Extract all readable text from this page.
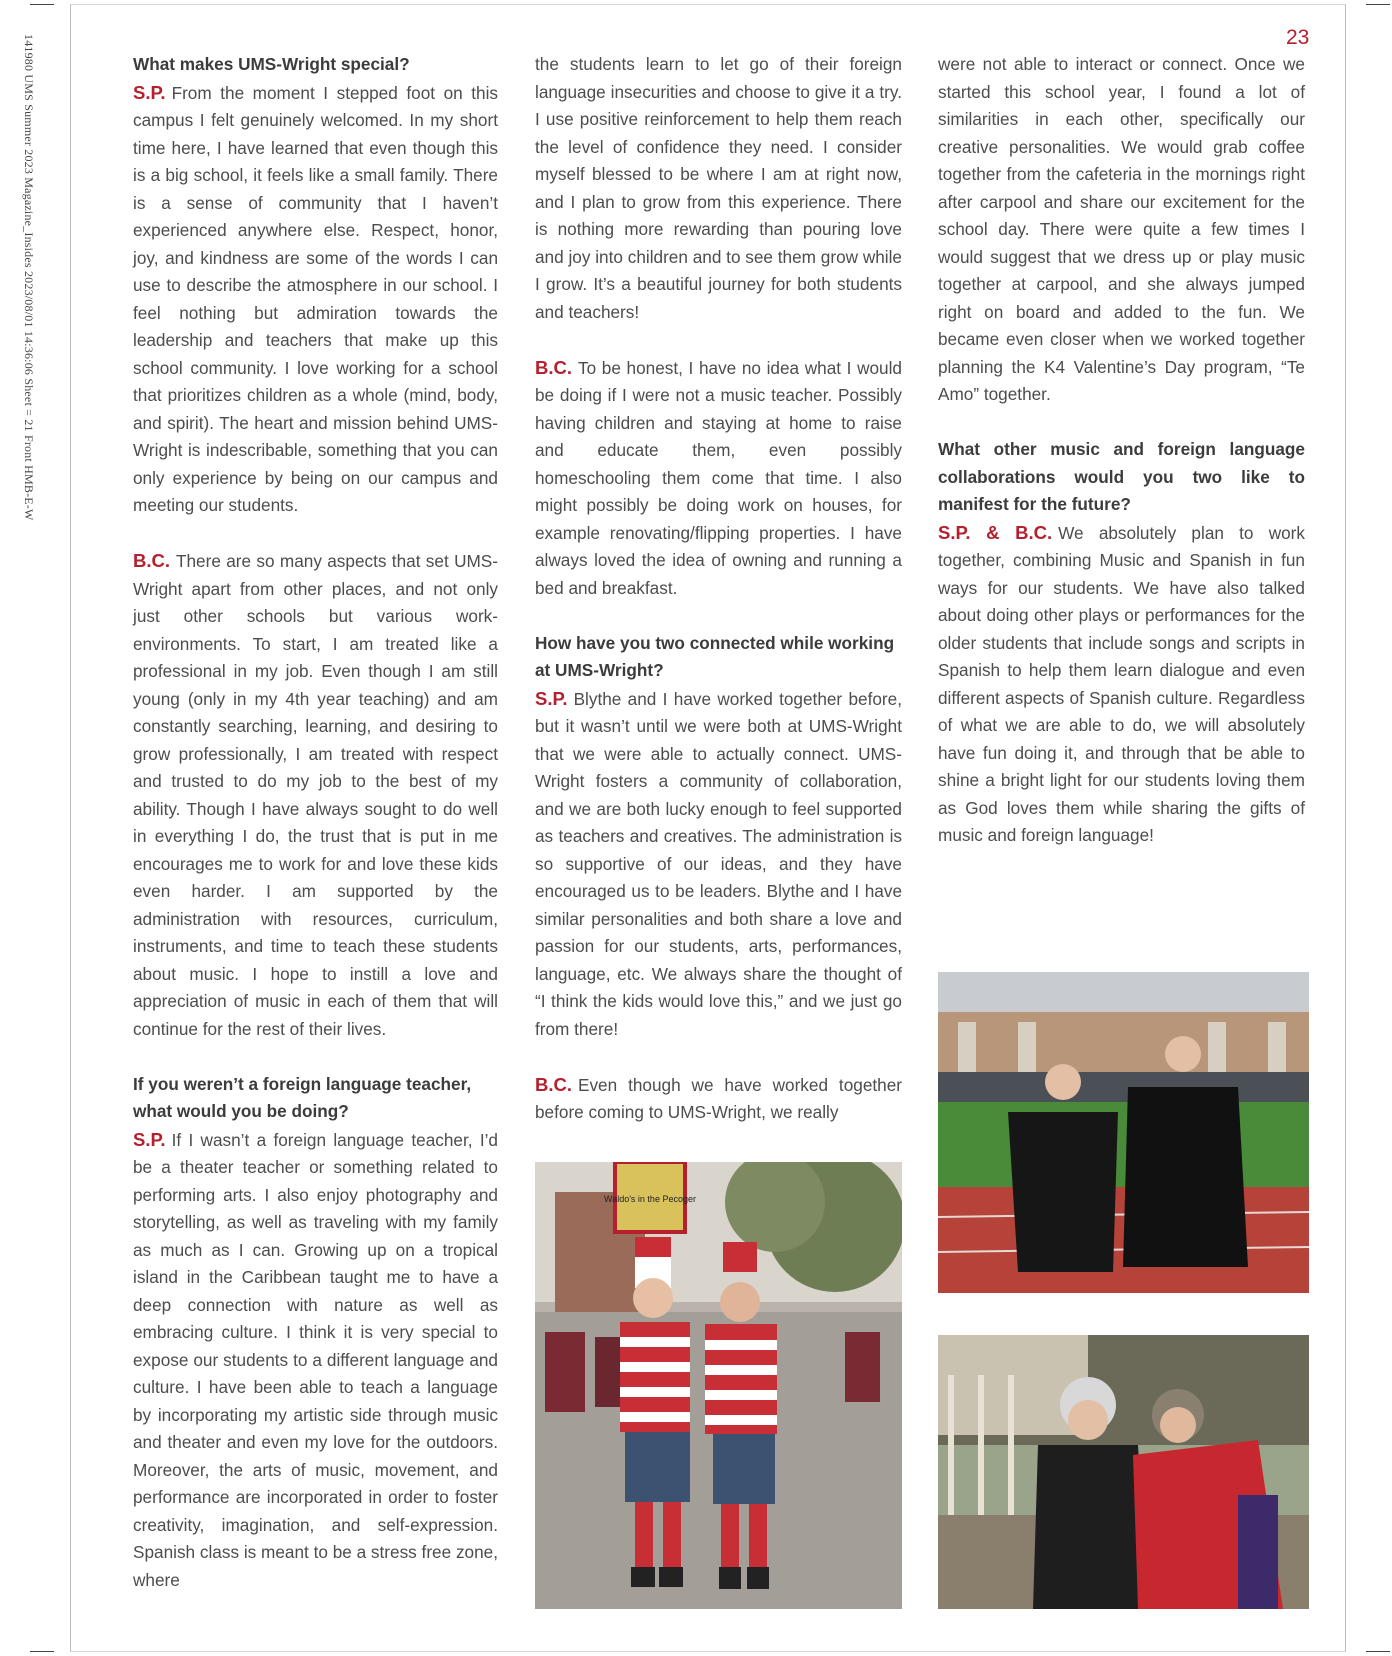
141980 UMS Summer 2023 Magazine_Insides 2023/08/01 14:36:06 Sheet = 21 Front HMB-E-W	23
What makes UMS-Wright special?

S.P. From the moment I stepped foot on this campus I felt genuinely welcomed. In my short time here, I have learned that even though this is a big school, it feels like a small family. There is a sense of community that I haven’t experienced anywhere else. Respect, honor, joy, and kindness are some of the words I can use to describe the atmosphere in our school. I feel nothing but admiration towards the leadership and teachers that make up this school community. I love working for a school that prioritizes children as a whole (mind, body, and spirit). The heart and mission behind UMS-Wright is indescribable, something that you can only experience by being on our campus and meeting our students.

B.C. There are so many aspects that set UMS-Wright apart from other places, and not only just other schools but various work-environments. To start, I am treated like a professional in my job. Even though I am still young (only in my 4th year teaching) and am constantly searching, learning, and desiring to grow professionally, I am treated with respect and trusted to do my job to the best of my ability. Though I have always sought to do well in everything I do, the trust that is put in me encourages me to work for and love these kids even harder. I am supported by the administration with resources, curriculum, instruments, and time to teach these students about music. I hope to instill a love and appreciation of music in each of them that will continue for the rest of their lives.

If you weren’t a foreign language teacher, what would you be doing?

S.P. If I wasn’t a foreign language teacher, I’d be a theater teacher or something related to performing arts. I also enjoy photography and storytelling, as well as traveling with my family as much as I can. Growing up on a tropical island in the Caribbean taught me to have a deep connection with nature as well as embracing culture. I think it is very special to expose our students to a different language and culture. I have been able to teach a language by incorporating my artistic side through music and theater and even my love for the outdoors. Moreover, the arts of music, movement, and performance are incorporated in order to foster creativity, imagination, and self-expression. Spanish class is meant to be a stress free zone, where

the students learn to let go of their foreign language insecurities and choose to give it a try. I use positive reinforcement to help them reach the level of confidence they need. I consider myself blessed to be where I am at right now, and I plan to grow from this experience. There is nothing more rewarding than pouring love and joy into children and to see them grow while I grow. It’s a beautiful journey for both students and teachers!

B.C. To be honest, I have no idea what I would be doing if I were not a music teacher. Possibly having children and staying at home to raise and educate them, even possibly homeschooling them come that time. I also might possibly be doing work on houses, for example renovating/flipping properties. I have always loved the idea of owning and running a bed and breakfast.

How have you two connected while working at UMS-Wright?

S.P. Blythe and I have worked together before, but it wasn’t until we were both at UMS-Wright that we were able to actually connect. UMS-Wright fosters a community of collaboration, and we are both lucky enough to feel supported as teachers and creatives. The administration is so supportive of our ideas, and they have encouraged us to be leaders. Blythe and I have similar personalities and both share a love and passion for our students, arts, performances, language, etc. We always share the thought of “I think the kids would love this,” and we just go from there!

B.C. Even though we have worked together before coming to UMS-Wright, we really

were not able to interact or connect. Once we started this school year, I found a lot of similarities in each other, specifically our creative personalities. We would grab coffee together from the cafeteria in the mornings right after carpool and share our excitement for the school day. There were quite a few times I would suggest that we dress up or play music together at carpool, and she always jumped right on board and added to the fun. We became even closer when we worked together planning the K4 Valentine’s Day program, “Te Amo” together.

What other music and foreign language collaborations would you two like to manifest for the future?

S.P. & B.C. We absolutely plan to work together, combining Music and Spanish in fun ways for our students. We have also talked about doing other plays or performances for the older students that include songs and scripts in Spanish to help them learn dialogue and even different aspects of Spanish culture. Regardless of what we are able to do, we will absolutely have fun doing it, and through that be able to shine a bright light for our students loving them as God loves them while sharing the gifts of music and foreign language!

Waldo's in the Pecoger
